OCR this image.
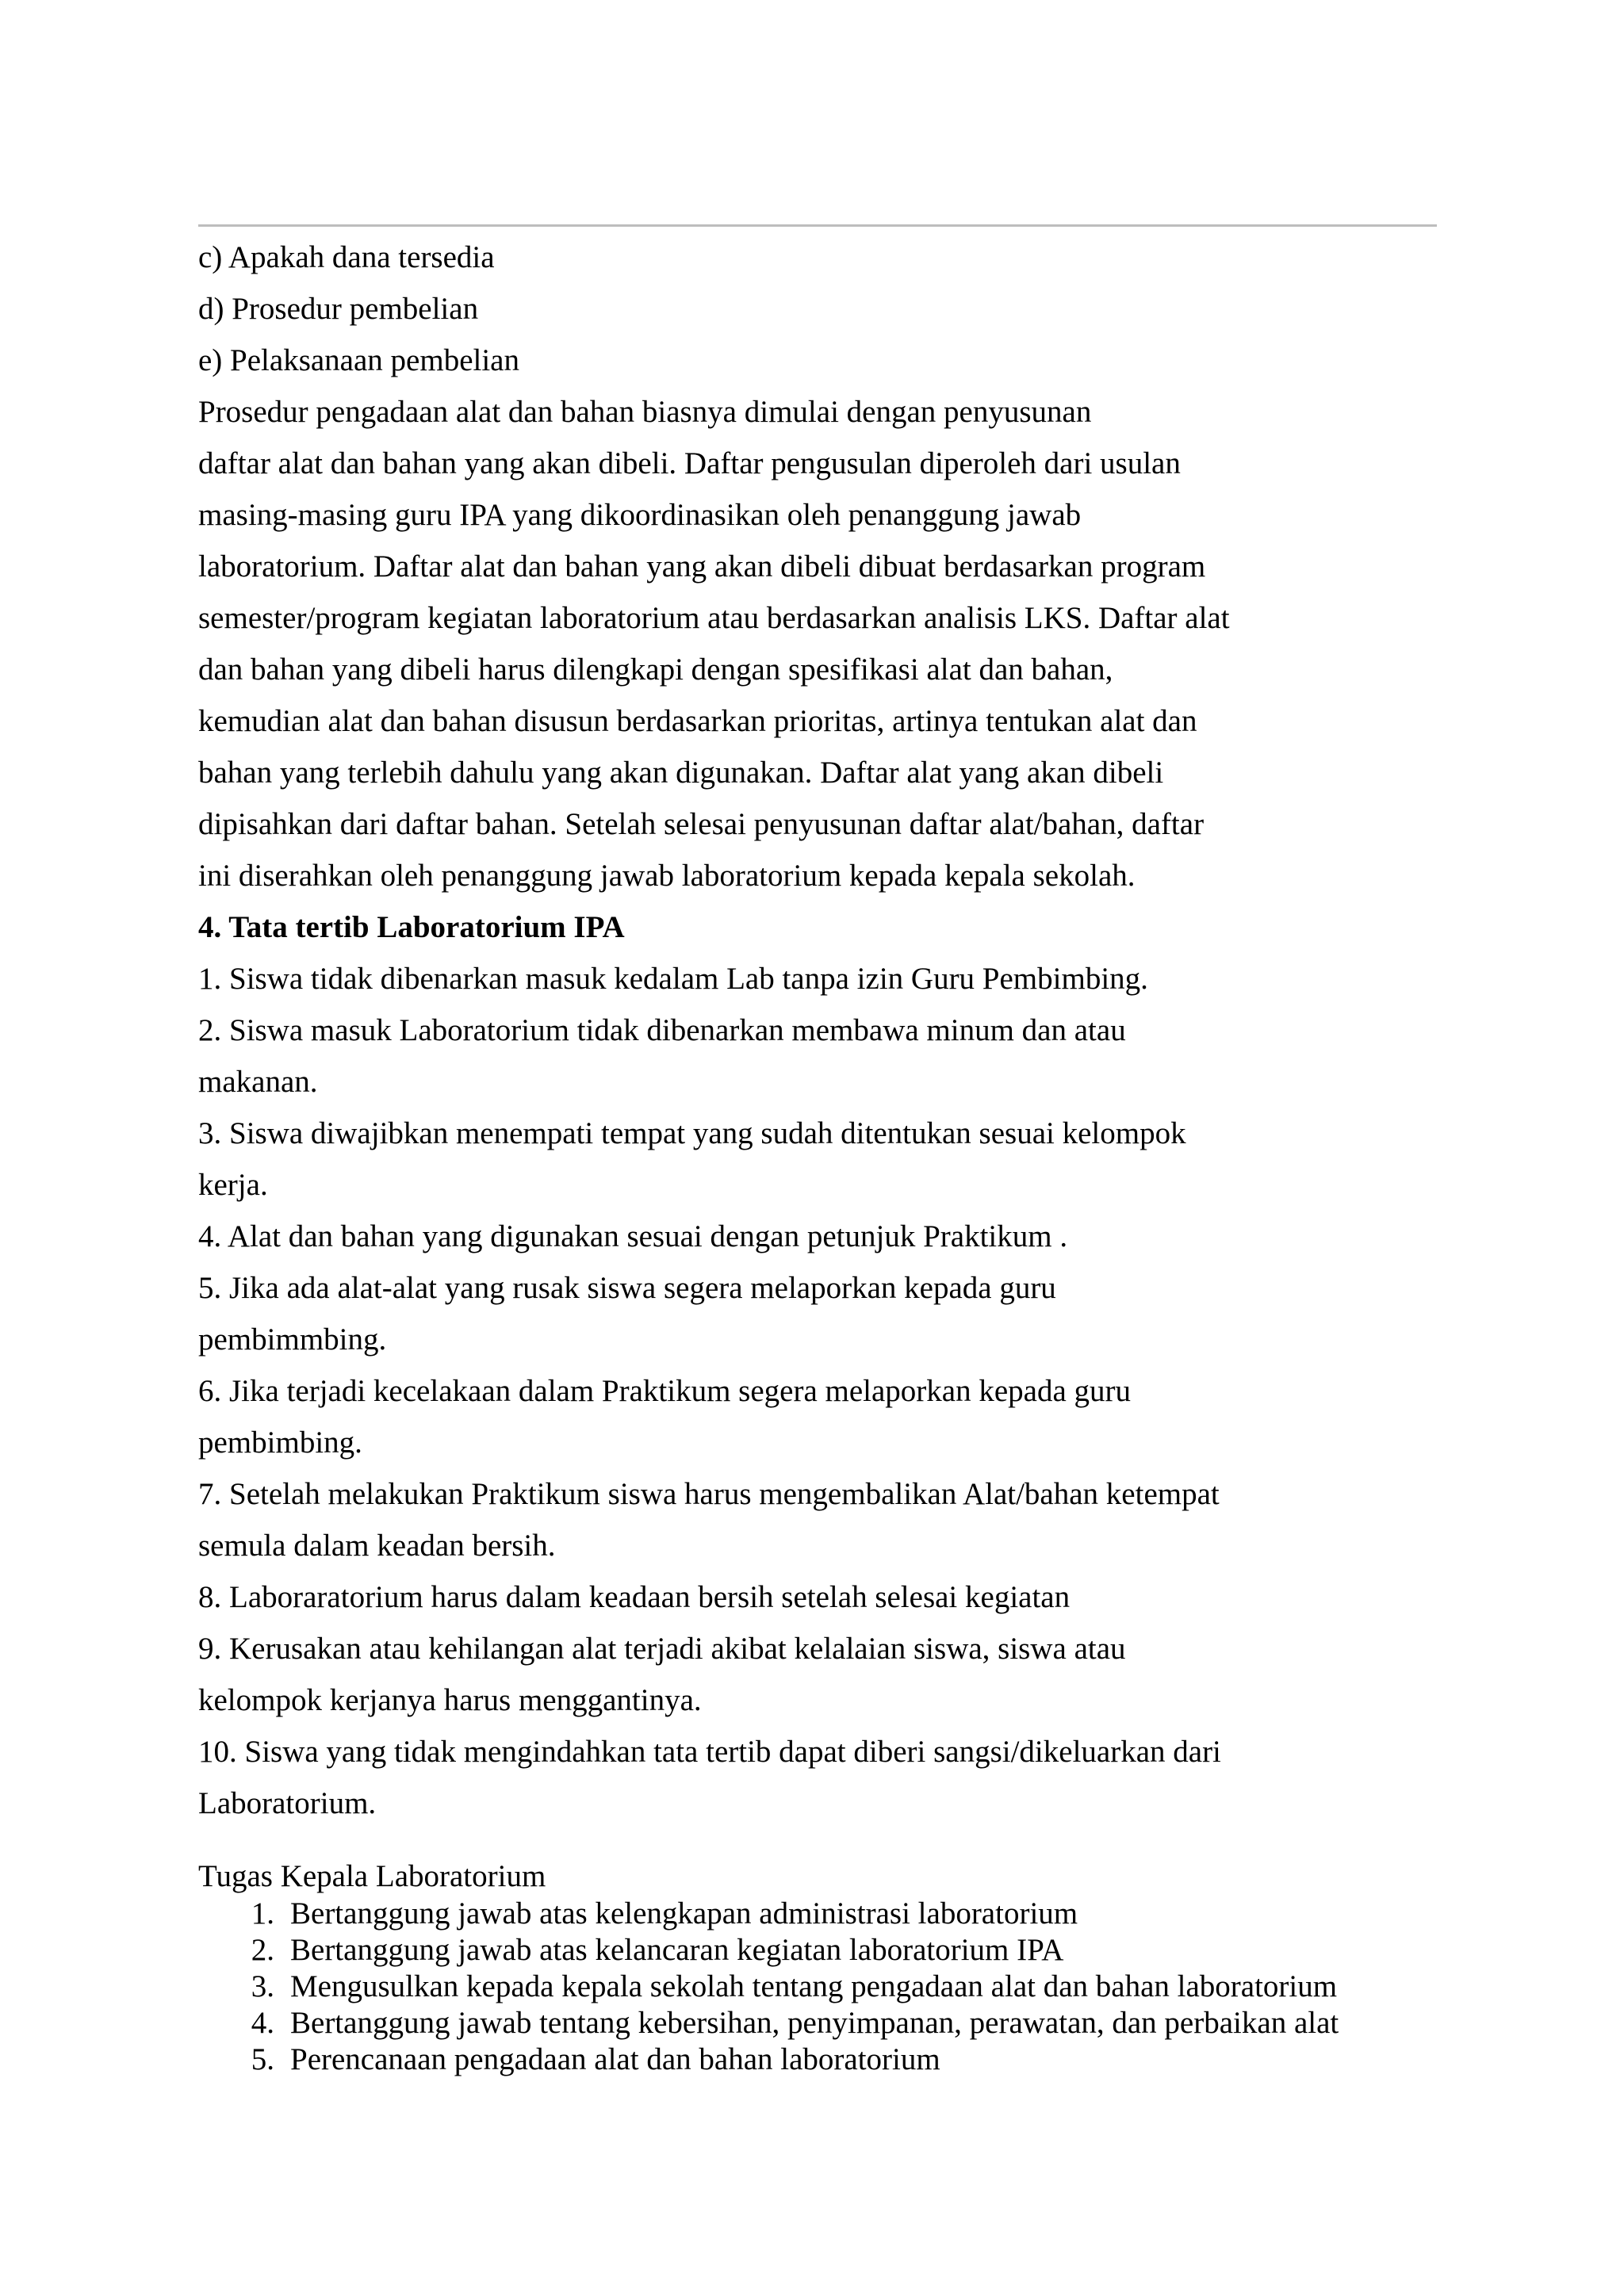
c) Apakah dana tersedia
d) Prosedur pembelian
e) Pelaksanaan pembelian
Prosedur pengadaan alat dan bahan biasnya dimulai dengan penyusunan
daftar alat dan bahan yang akan dibeli. Daftar pengusulan diperoleh dari usulan
masing-masing guru IPA yang dikoordinasikan oleh penanggung jawab
laboratorium. Daftar alat dan bahan yang akan dibeli dibuat berdasarkan program
semester/program kegiatan laboratorium atau berdasarkan analisis LKS. Daftar alat
dan bahan yang dibeli harus dilengkapi dengan spesifikasi alat dan bahan,
kemudian alat dan bahan disusun berdasarkan prioritas, artinya tentukan alat dan
bahan yang terlebih dahulu yang akan digunakan. Daftar alat yang akan dibeli
dipisahkan dari daftar bahan. Setelah selesai penyusunan daftar alat/bahan, daftar
ini diserahkan oleh penanggung jawab laboratorium kepada kepala sekolah.
4. Tata tertib Laboratorium IPA
1. Siswa tidak dibenarkan masuk kedalam Lab tanpa izin Guru Pembimbing.
2. Siswa masuk Laboratorium tidak dibenarkan membawa minum dan atau
makanan.
3. Siswa diwajibkan menempati tempat yang sudah ditentukan sesuai kelompok
kerja.
4. Alat dan bahan yang digunakan sesuai dengan petunjuk Praktikum .
5. Jika ada alat-alat yang rusak siswa segera melaporkan kepada guru
pembimmbing.
6. Jika terjadi kecelakaan dalam Praktikum segera melaporkan kepada guru
pembimbing.
7. Setelah melakukan Praktikum siswa harus mengembalikan Alat/bahan ketempat
semula dalam keadan bersih.
8. Laboraratorium harus dalam keadaan bersih setelah selesai kegiatan
9. Kerusakan atau kehilangan alat terjadi akibat kelalaian siswa, siswa atau
kelompok kerjanya harus menggantinya.
10. Siswa yang tidak mengindahkan tata tertib dapat diberi sangsi/dikeluarkan dari
Laboratorium.
Tugas Kepala Laboratorium
1. Bertanggung jawab atas kelengkapan administrasi laboratorium
2. Bertanggung jawab atas kelancaran kegiatan laboratorium IPA
3. Mengusulkan kepada kepala sekolah tentang pengadaan alat dan bahan laboratorium
4. Bertanggung jawab tentang kebersihan, penyimpanan, perawatan, dan perbaikan alat
5. Perencanaan pengadaan alat dan bahan laboratorium
